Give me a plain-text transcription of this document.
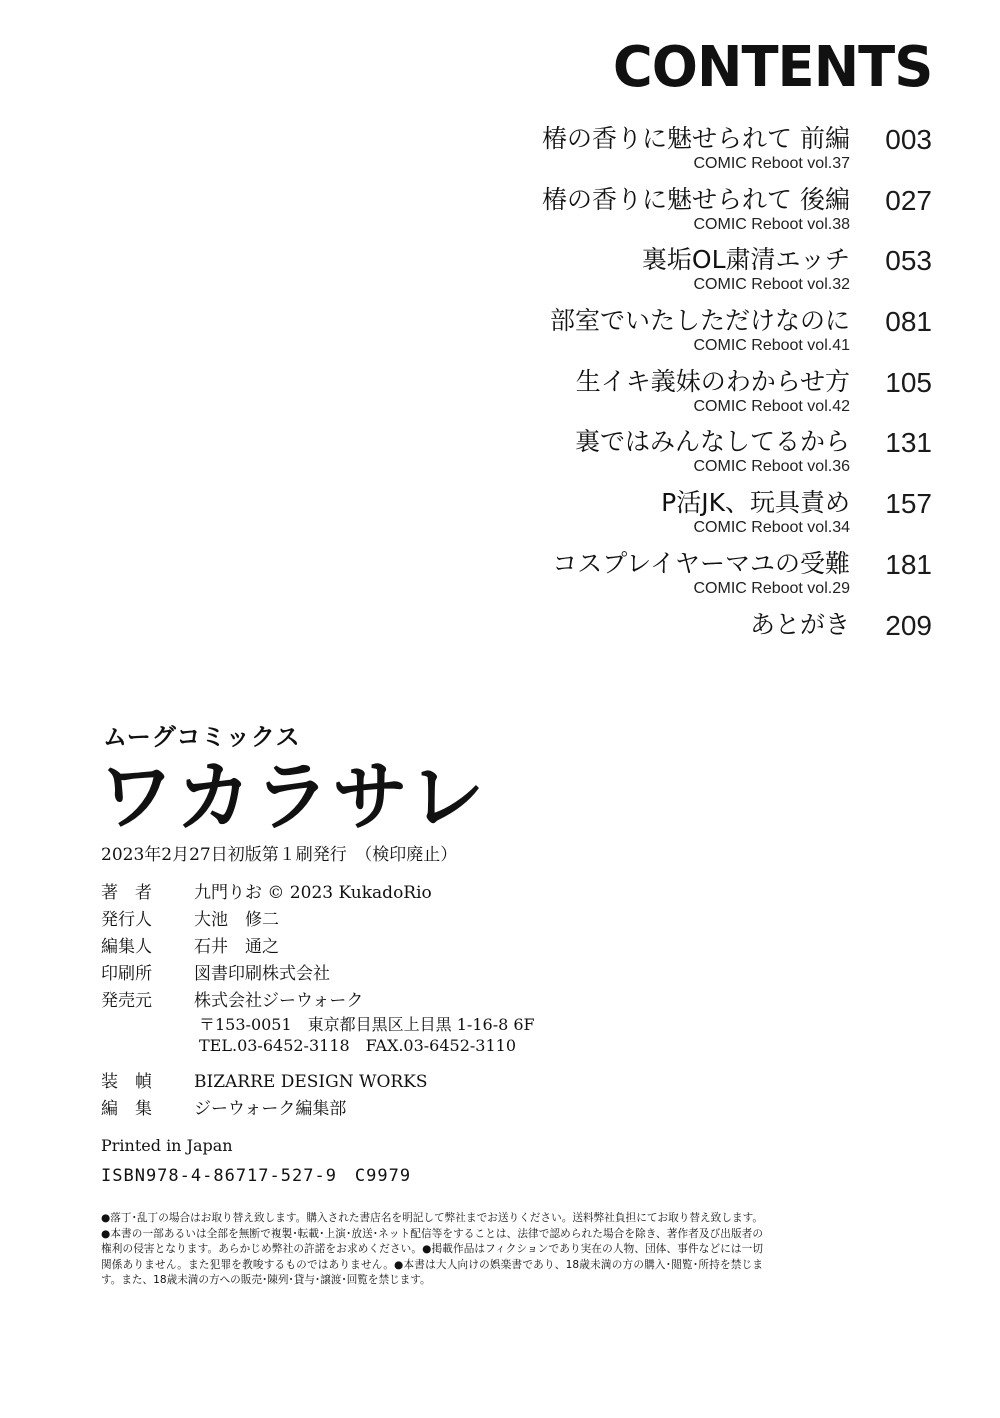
CONTENTS
椿の香りに魅せられて 前編
COMIC Reboot vol.37
003
椿の香りに魅せられて 後編
COMIC Reboot vol.38
027
裏垢OL粛清エッチ
COMIC Reboot vol.32
053
部室でいたしただけなのに
COMIC Reboot vol.41
081
生イキ義妹のわからせ方
COMIC Reboot vol.42
105
裏ではみんなしてるから
COMIC Reboot vol.36
131
P活JK、玩具責め
COMIC Reboot vol.34
157
コスプレイヤーマユの受難
COMIC Reboot vol.29
181
あとがき 209
ムーグコミックス
ワカラサレ
2023年2月27日初版第１刷発行　（検印廃止）
著　者	九門りお © 2023 KukadoRio
発行人	大池　修二
編集人	石井　通之
印刷所	図書印刷株式会社
発売元	株式会社ジーウォーク
〒153-0051　東京都目黒区上目黒 1-16-8 6F
TEL.03-6452-3118　FAX.03-6452-3110
装　幀	BIZARRE DESIGN WORKS
編　集	ジーウォーク編集部
Printed in Japan
ISBN978-4-86717-527-9　C9979
●落丁･乱丁の場合はお取り替え致します。購入された書店名を明記して弊社までお送りください。送料弊社負担にてお取り替え致します。●本書の一部あるいは全部を無断で複製･転載･上演･放送･ネット配信等をすることは、法律で認められた場合を除き、著作者及び出版者の権利の侵害となります。あらかじめ弊社の許諾をお求めください。●掲載作品はフィクションであり実在の人物、団体、事件などには一切関係ありません。また犯罪を教唆するものではありません。●本書は大人向けの娯楽書であり、18歳未満の方の購入･閲覧･所持を禁じます。また、18歳未満の方への販売･陳列･貸与･譲渡･回覧を禁じます。
